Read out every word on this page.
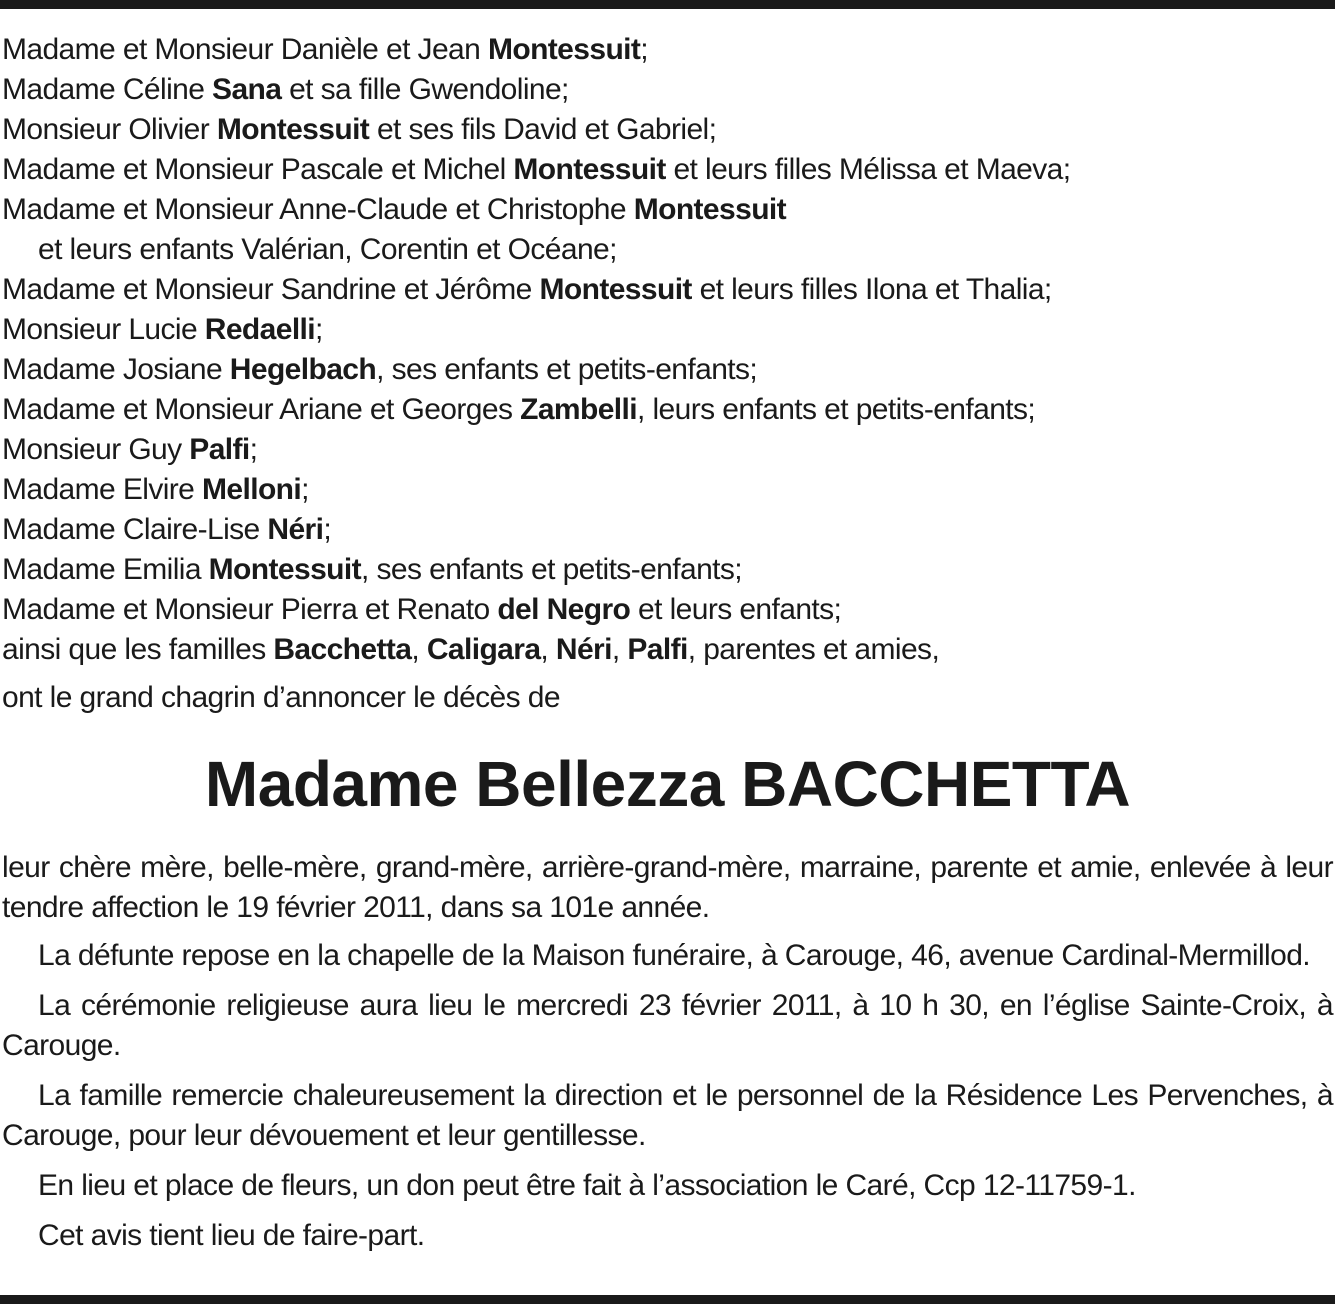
Madame et Monsieur Danièle et Jean Montessuit;
Madame Céline Sana et sa fille Gwendoline;
Monsieur Olivier Montessuit et ses fils David et Gabriel;
Madame et Monsieur Pascale et Michel Montessuit et leurs filles Mélissa et Maeva;
Madame et Monsieur Anne-Claude et Christophe Montessuit
et leurs enfants Valérian, Corentin et Océane;
Madame et Monsieur Sandrine et Jérôme Montessuit et leurs filles Ilona et Thalia;
Monsieur Lucie Redaelli;
Madame Josiane Hegelbach, ses enfants et petits-enfants;
Madame et Monsieur Ariane et Georges Zambelli, leurs enfants et petits-enfants;
Monsieur Guy Palfi;
Madame Elvire Melloni;
Madame Claire-Lise Néri;
Madame Emilia Montessuit, ses enfants et petits-enfants;
Madame et Monsieur Pierra et Renato del Negro et leurs enfants;
ainsi que les familles Bacchetta, Caligara, Néri, Palfi, parentes et amies,
ont le grand chagrin d’annoncer le décès de
Madame Bellezza BACCHETTA

leur chère mère, belle-mère, grand-mère, arrière-grand-mère, marraine, parente et amie, enlevée à leur tendre affection le 19 février 2011, dans sa 101e année.

La défunte repose en la chapelle de la Maison funéraire, à Carouge, 46, avenue Cardinal-Mermillod.

La cérémonie religieuse aura lieu le mercredi 23 février 2011, à 10 h 30, en l’église Sainte-Croix, à Carouge.

La famille remercie chaleureusement la direction et le personnel de la Résidence Les Pervenches, à Carouge, pour leur dévouement et leur gentillesse.

En lieu et place de fleurs, un don peut être fait à l’association le Caré, Ccp 12-11759-1.

Cet avis tient lieu de faire-part.
